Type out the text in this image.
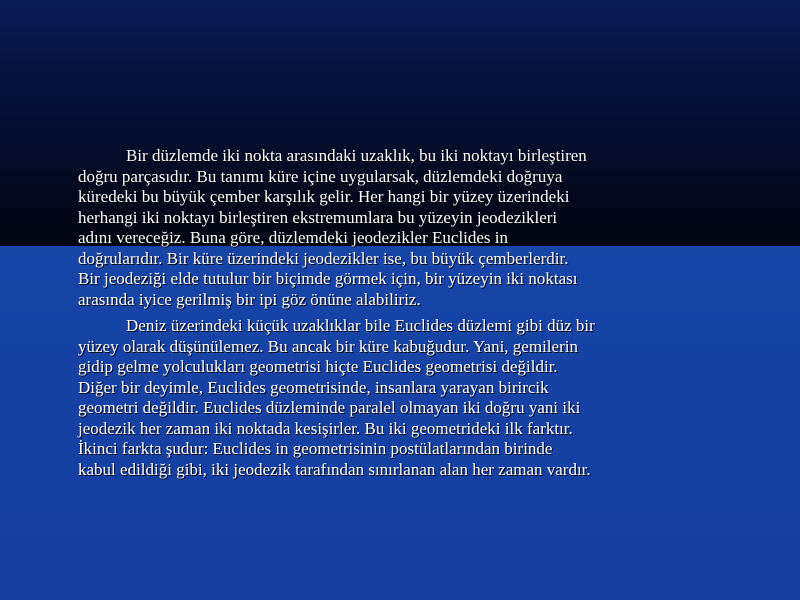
Bir düzlemde iki nokta arasındaki uzaklık, bu iki noktayı birleştiren
doğru parçasıdır. Bu tanımı küre içine uygularsak, düzlemdeki doğruya
küredeki bu büyük çember karşılık gelir. Her hangi bir yüzey üzerindeki
herhangi iki noktayı birleştiren ekstremumlara bu yüzeyin jeodezikleri
adını vereceğiz. Buna göre, düzlemdeki jeodezikler Euclides in
doğrularıdır. Bir küre üzerindeki jeodezikler ise, bu büyük çemberlerdir.
Bir jeodeziği elde tutulur bir biçimde görmek için, bir yüzeyin iki noktası
arasında iyice gerilmiş bir ipi göz önüne alabiliriz.

Deniz üzerindeki küçük uzaklıklar bile Euclides düzlemi gibi düz bir
yüzey olarak düşünülemez. Bu ancak bir küre kabuğudur. Yani, gemilerin
gidip gelme yolculukları geometrisi hiçte Euclides geometrisi değildir.
Diğer bir deyimle, Euclides geometrisinde, insanlara yarayan birircik
geometri değildir. Euclides düzleminde paralel olmayan iki doğru yani iki
jeodezik her zaman iki noktada kesişirler. Bu iki geometrideki ilk farktır.
İkinci farkta şudur: Euclides in geometrisinin postülatlarından birinde
kabul edildiği gibi, iki jeodezik tarafından sınırlanan alan her zaman vardır.
